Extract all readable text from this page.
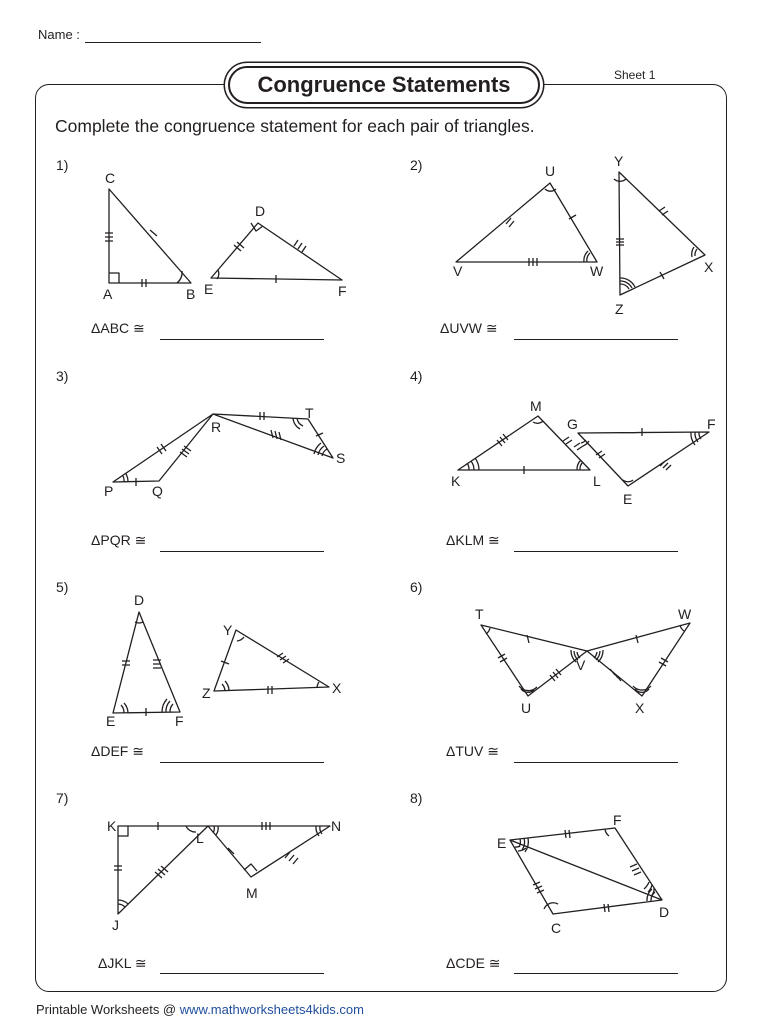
Name :
Congruence Statements	Sheet 1
Complete the congruence statement for each pair of triangles.
1)	2)
3)	4)
5)	6)
7)	8)
ΔABC ≅	ΔUVW ≅
ΔPQR ≅	ΔKLM ≅
ΔDEF ≅	ΔTUV ≅
ΔJKL ≅	ΔCDE ≅
C
A	B
D
E	F
U
V	W
Y
X
Z
R
T
S
P	Q
M
G	F
K	L
E
D
E	F
Y
Z	X
T	W
V
U	X
K
L
N
M
J
E
F
D
C
Printable Worksheets @ www.mathworksheets4kids.com
